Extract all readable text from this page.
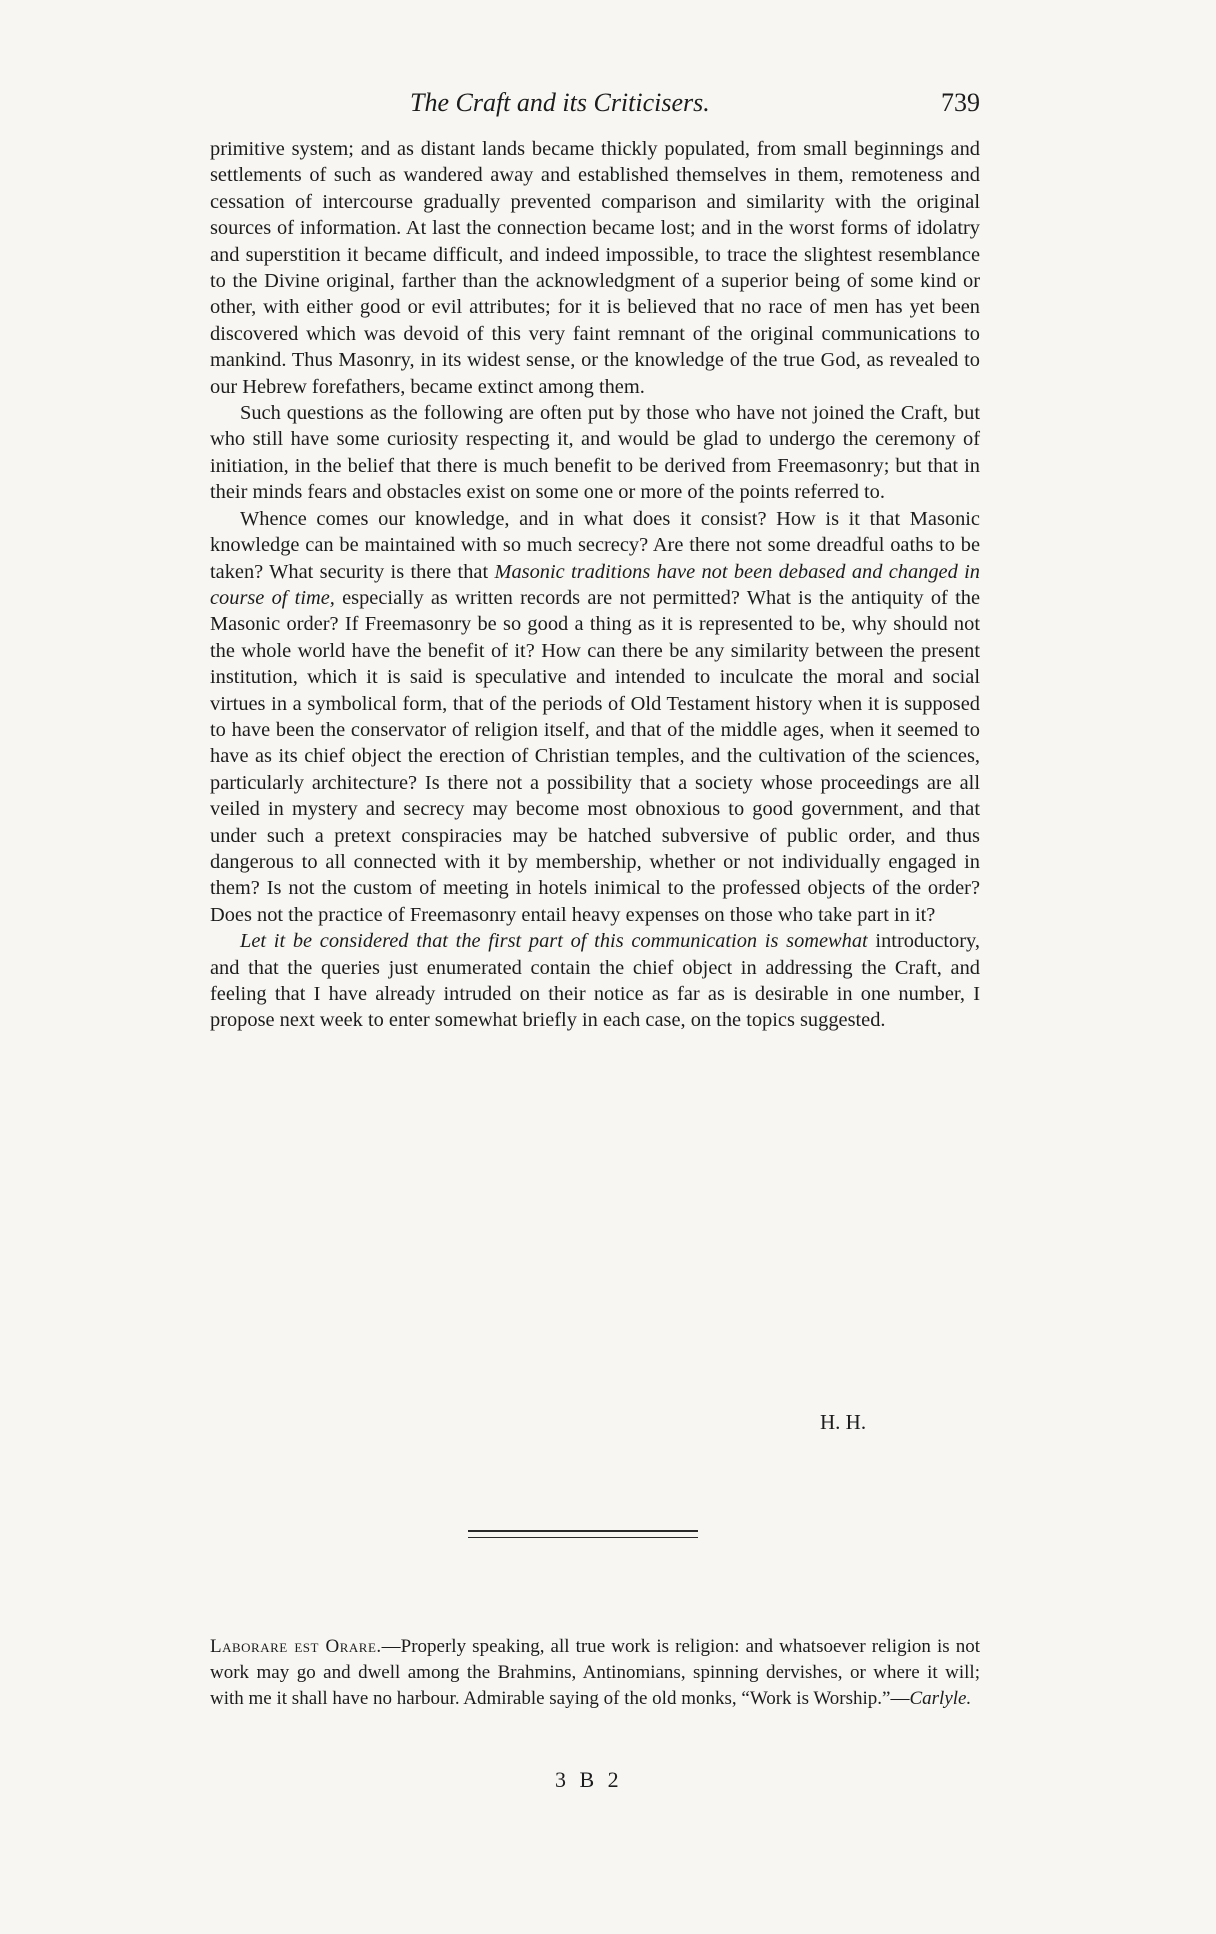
The Craft and its Criticisers.	739

primitive system; and as distant lands became thickly populated, from small beginnings and settlements of such as wandered away and established themselves in them, remoteness and cessation of intercourse gradually prevented comparison and similarity with the original sources of information. At last the connection became lost; and in the worst forms of idolatry and superstition it became difficult, and indeed impossible, to trace the slightest resemblance to the Divine original, farther than the acknowledgment of a superior being of some kind or other, with either good or evil attributes; for it is believed that no race of men has yet been discovered which was devoid of this very faint remnant of the original communications to mankind. Thus Masonry, in its widest sense, or the knowledge of the true God, as revealed to our Hebrew forefathers, became extinct among them.

Such questions as the following are often put by those who have not joined the Craft, but who still have some curiosity respecting it, and would be glad to undergo the ceremony of initiation, in the belief that there is much benefit to be derived from Freemasonry; but that in their minds fears and obstacles exist on some one or more of the points referred to.

Whence comes our knowledge, and in what does it consist? How is it that Masonic knowledge can be maintained with so much secrecy? Are there not some dreadful oaths to be taken? What security is there that Masonic traditions have not been debased and changed in course of time, especially as written records are not permitted? What is the antiquity of the Masonic order? If Freemasonry be so good a thing as it is represented to be, why should not the whole world have the benefit of it? How can there be any similarity between the present institution, which it is said is speculative and intended to inculcate the moral and social virtues in a symbolical form, that of the periods of Old Testament history when it is supposed to have been the conservator of religion itself, and that of the middle ages, when it seemed to have as its chief object the erection of Christian temples, and the cultivation of the sciences, particularly architecture? Is there not a possibility that a society whose proceedings are all veiled in mystery and secrecy may become most obnoxious to good government, and that under such a pretext conspiracies may be hatched subversive of public order, and thus dangerous to all connected with it by membership, whether or not individually engaged in them? Is not the custom of meeting in hotels inimical to the professed objects of the order? Does not the practice of Freemasonry entail heavy expenses on those who take part in it?

Let it be considered that the first part of this communication is somewhat introductory, and that the queries just enumerated contain the chief object in addressing the Craft, and feeling that I have already intruded on their notice as far as is desirable in one number, I propose next week to enter somewhat briefly in each case, on the topics suggested.

H. H.
Laborare est Orare.—Properly speaking, all true work is religion: and whatsoever religion is not work may go and dwell among the Brahmins, Antinomians, spinning dervishes, or where it will; with me it shall have no harbour. Admirable saying of the old monks, “Work is Worship.”—Carlyle.
3 B 2
